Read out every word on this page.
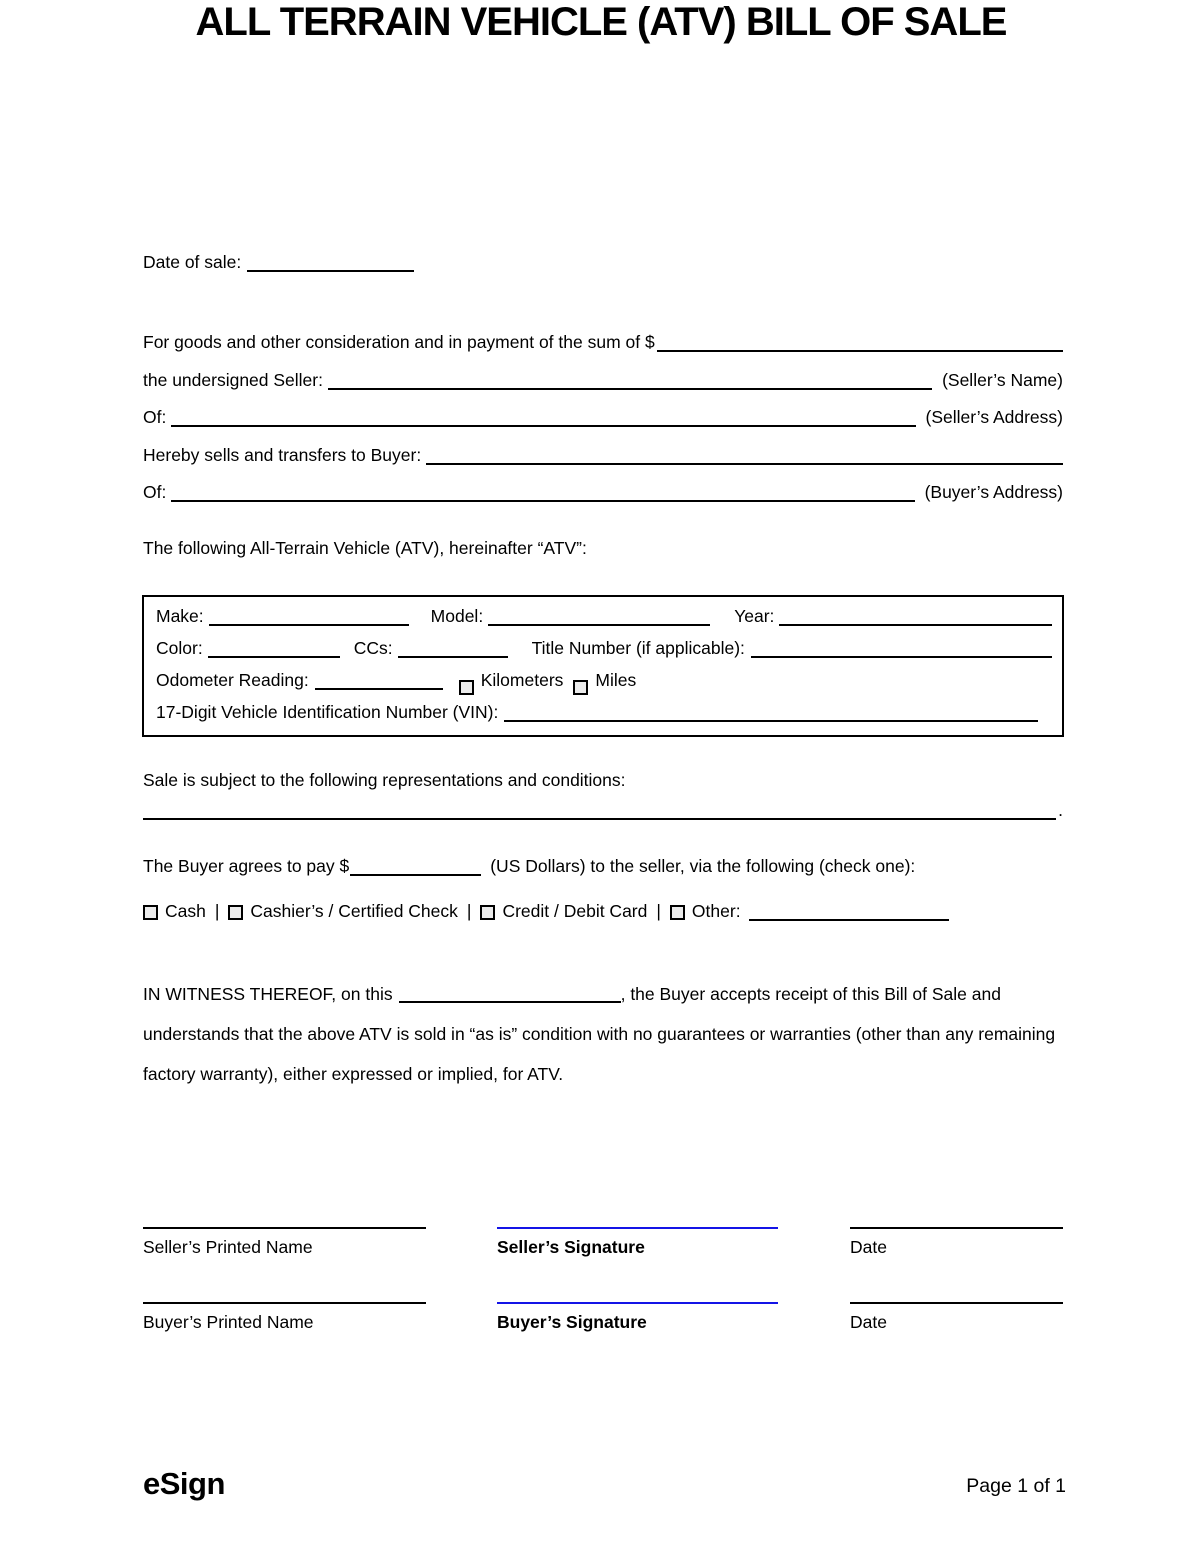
ALL TERRAIN VEHICLE (ATV) BILL OF SALE
Date of sale:
For goods and other consideration and in payment of the sum of $
the undersigned Seller:	(Seller’s Name)
Of:	(Seller’s Address)
Hereby sells and transfers to Buyer:
Of:	(Buyer’s Address)
The following All-Terrain Vehicle (ATV), hereinafter “ATV”:
Make:	Model:	Year:
Color:	CCs:	Title Number (if applicable):
Odometer Reading:	Kilometers Miles
17-Digit Vehicle Identification Number (VIN):
Sale is subject to the following representations and conditions:
.
The Buyer agrees to pay $	(US Dollars) to the seller, via the following (check one):
Cash | Cashier’s / Certified Check | Credit / Debit Card | Other:

IN WITNESS THEREOF, on this	, the Buyer accepts receipt of this Bill of Sale and understands that the above ATV is sold in “as is” condition with no guarantees or warranties (other than any remaining factory warranty), either expressed or implied, for ATV.

Seller’s Printed Name	Seller’s Signature	Date
Buyer’s Printed Name	Buyer’s Signature	Date
eSign	Page 1 of 1
